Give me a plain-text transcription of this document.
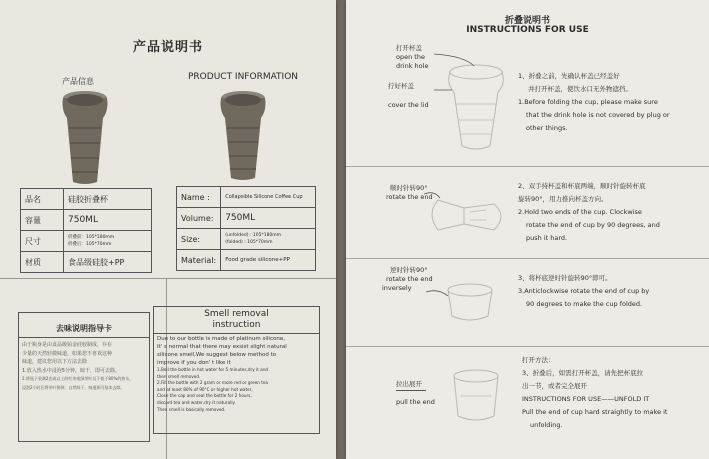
产品说明书
产品信息	PRODUCT INFORMATION
品名	硅胶折叠杯
容量	750ML
尺寸	折叠前：105*180mm
折叠后：105*70mm

材质	食品级硅胶+PP
Name :	Collapsible Silicone Coffee Cup
Volume:	750ML
Size:	(unfolded) : 105*180mm
(folded) : 105*70mm

Material:	Food grade silicone+PP
去味说明指导卡
由于瓶身是由食品级铂金硅胶制成，存在
少量的天然轻微味道，如果您不喜欢这种
味道，建议您用以下方法去除
1.放入热水中浸泡5分钟，晾干，即可去除。
2.将瓶子装满2克或以上的红茶或绿茶叶及不低于80%的热水，
浸泡2小时后将茶叶倒掉，自然晾干，味道即可基本去除。
Smell removal
instruction
Due to our bottle is made of platinum silicone,
It' s normal that there may exsist slight natural
silicone smell,We suggest below method to
improve if you don' t like it
1.Boil the bottle in hot water for 5 minutes,dry it and
then smell removed.
2.Fill the bottle with 2 gram or more red or green tea
and at least 80% of 90°C or higher hot water,
Close the cap and seal the bottle for 2 hours,
discard tea and water,dry it naturally.
Then smell is basically removed.
折叠说明书
INSTRUCTIONS FOR USE
打开杯盖
open the
drink hole
拧好杯盖
cover the lid
1、折叠之前，先确认杯盖已经盖好
并打开杯盖，使饮水口无外物遮挡。
1.Before folding the cup, please make sure
that the drink hole is not covered by plug or
other things.
顺时针转90°
rotate the end
2、双手持杯盖和杯底两端，顺时针旋转杯底
旋转90°，用力推向杯盖方向。
2.Hold two ends of the cup. Clockwise
rotate the end of cup by 90 degrees, and
push it hard.
逆时针转90°
rotate the end
inversely
3、将杯底逆时针旋转90°即可。
3.Anticlockwise rotate the end of cup by
90 degrees to make the cup folded.
拉出展开
pull the end
打开方法：
3、折叠后，如需打开杯盖，请先把杯底拉
出一节，或者完全展开
INSTRUCTIONS FOR USE——UNFOLD IT
Pull the end of cup hard straightly to make it
unfolding.
